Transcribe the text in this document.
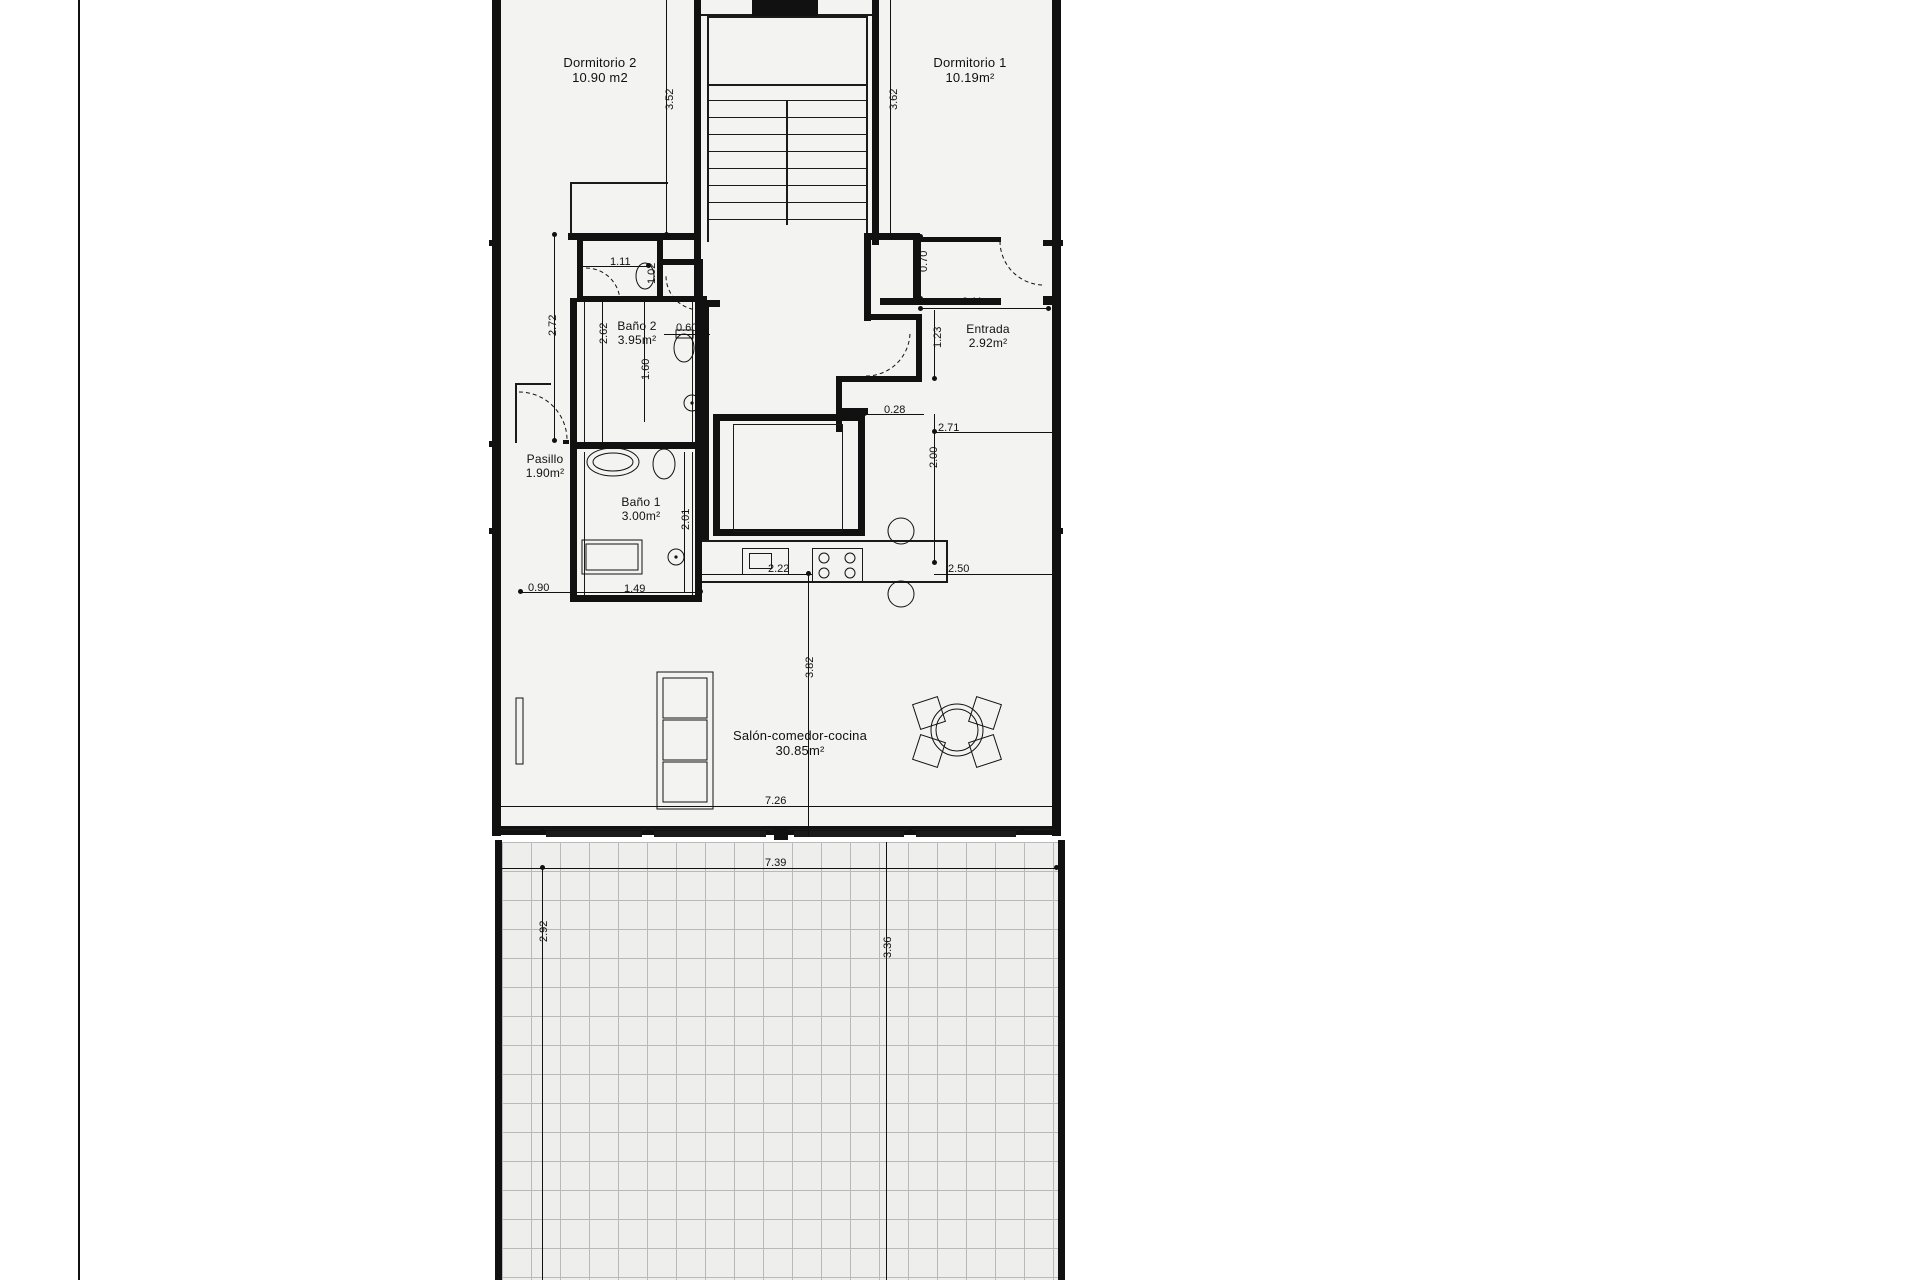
Dormitorio 2
10.90 m2
Dormitorio 1
10.19m²
Baño 2
3.95m²
Baño 1
3.00m²
Pasillo
1.90m²
Entrada
2.92m²
Salón-comedor-cocina
30.85m²
3.52	3.62
0.70
2.11
1.11
1.02
2.72	2.62	0.60
1.60
1.23
0.28
2.71
2.00
2.01
2.50
2.22
0.90	1.49
3.82
7.26
7.39
2.92
3.36
